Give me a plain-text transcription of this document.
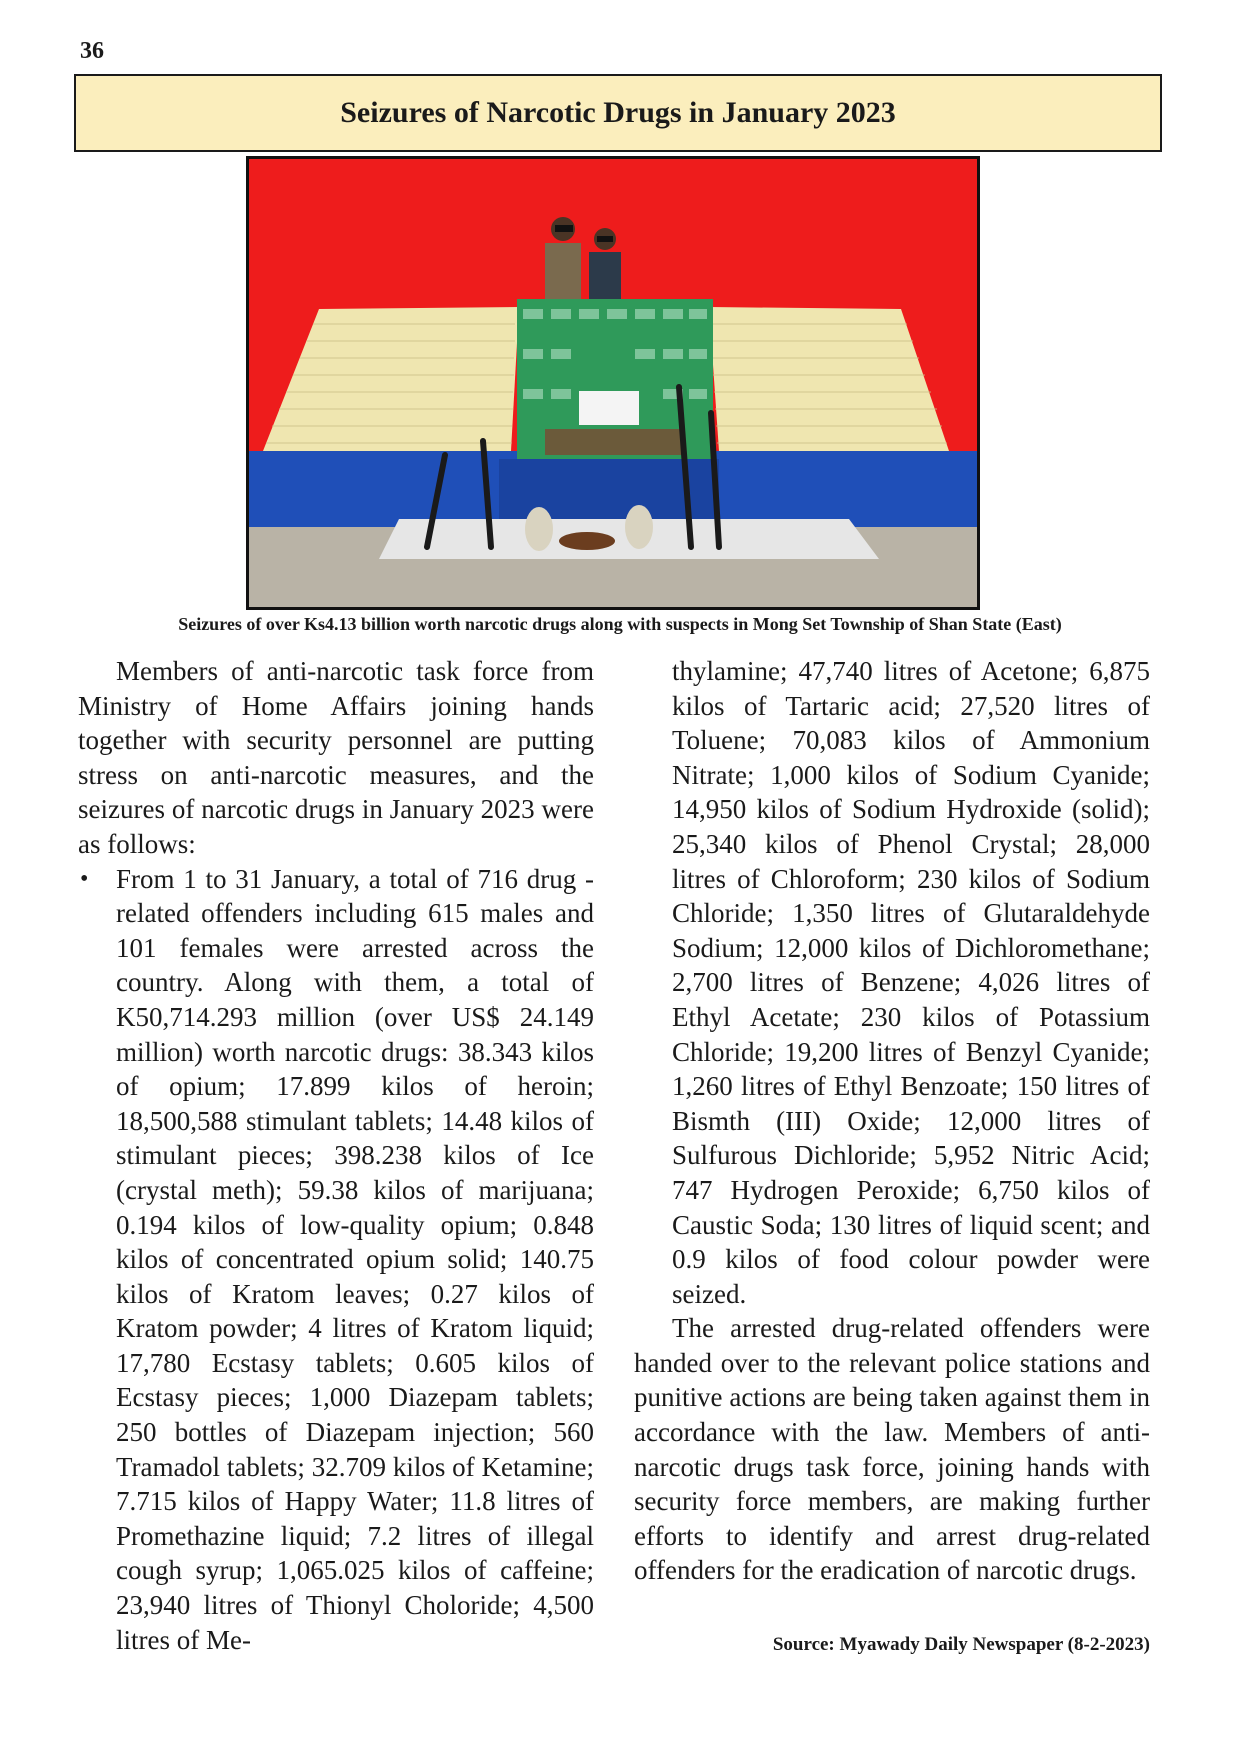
36
Seizures of Narcotic Drugs in January 2023
Seizures of over Ks4.13 billion worth narcotic drugs along with suspects in Mong Set Township of Shan State (East)

Members of anti-narcotic task force from Ministry of Home Affairs joining hands together with security personnel are putting stress on anti-narcotic measures, and the seizures of narcotic drugs in January 2023 were as follows:

• From 1 to 31 January, a total of 716 drug -related offenders including 615 males and 101 females were arrested across the country. Along with them, a total of K50,714.293 million (over US$ 24.149 million) worth narcotic drugs: 38.343 kilos of opium; 17.899 kilos of heroin; 18,500,588 stimulant tablets; 14.48 kilos of stimulant pieces; 398.238 kilos of Ice (crystal meth); 59.38 kilos of marijuana; 0.194 kilos of low-quality opium; 0.848 kilos of concentrated opium solid; 140.75 kilos of Kratom leaves; 0.27 kilos of Kratom powder; 4 litres of Kratom liquid; 17,780 Ecstasy tablets; 0.605 kilos of Ecstasy pieces; 1,000 Diazepam tablets; 250 bottles of Diazepam injection; 560 Tramadol tablets; 32.709 kilos of Ketamine; 7.715 kilos of Happy Water; 11.8 litres of Promethazine liquid; 7.2 litres of illegal cough syrup; 1,065.025 kilos of caffeine; 23,940 litres of Thionyl Choloride; 4,500 litres of Me-

thylamine; 47,740 litres of Acetone; 6,875 kilos of Tartaric acid; 27,520 litres of Toluene; 70,083 kilos of Ammonium Nitrate; 1,000 kilos of Sodium Cyanide; 14,950 kilos of Sodium Hydroxide (solid); 25,340 kilos of Phenol Crystal; 28,000 litres of Chloroform; 230 kilos of Sodium Chloride; 1,350 litres of Glutaraldehyde Sodium; 12,000 kilos of Dichloromethane; 2,700 litres of Benzene; 4,026 litres of Ethyl Acetate; 230 kilos of Potassium Chloride; 19,200 litres of Benzyl Cyanide; 1,260 litres of Ethyl Benzoate; 150 litres of Bismth (III) Oxide; 12,000 litres of Sulfurous Dichloride; 5,952 Nitric Acid; 747 Hydrogen Peroxide; 6,750 kilos of Caustic Soda; 130 litres of liquid scent; and 0.9 kilos of food colour powder were seized.

The arrested drug-related offenders were handed over to the relevant police stations and punitive actions are being taken against them in accordance with the law. Members of anti-narcotic drugs task force, joining hands with security force members, are making further efforts to identify and arrest drug-related offenders for the eradication of narcotic drugs.

Source: Myawady Daily Newspaper (8-2-2023)
